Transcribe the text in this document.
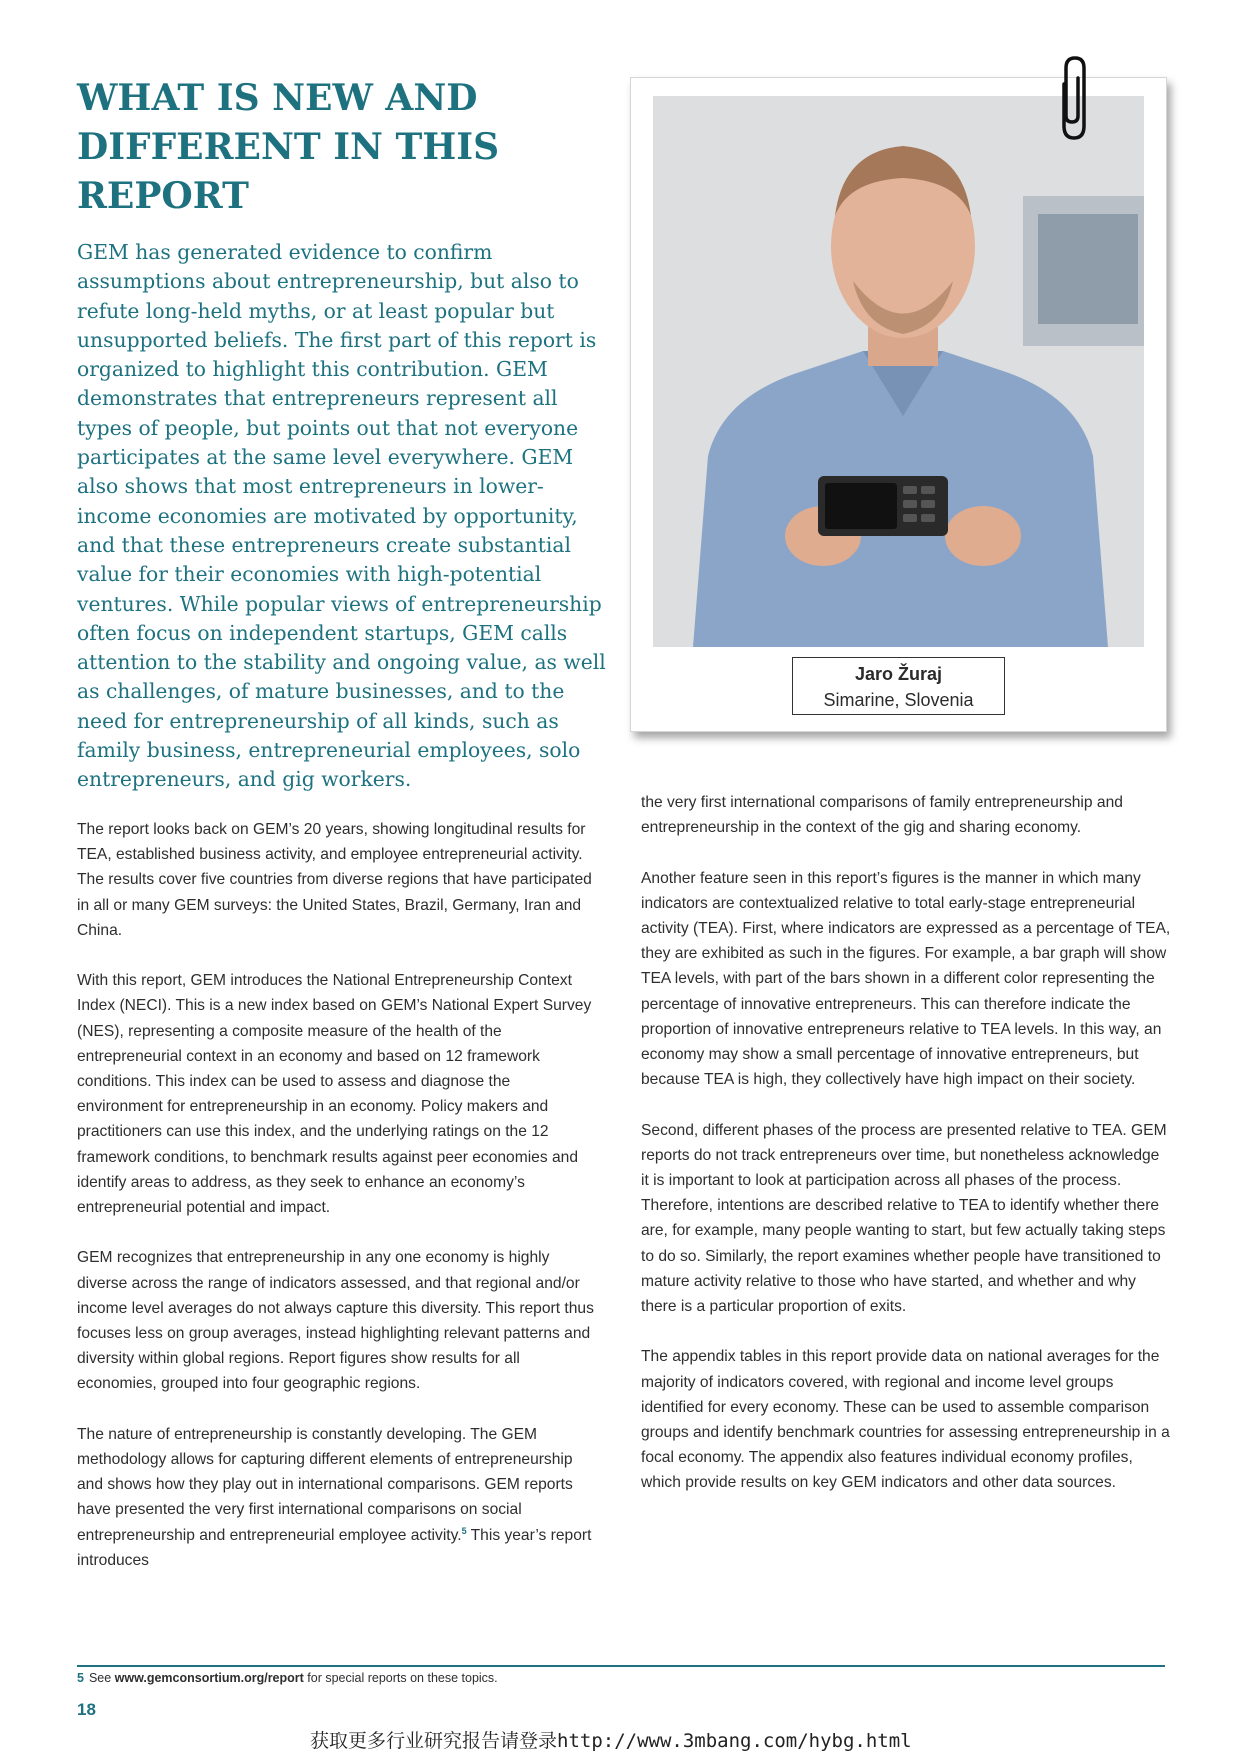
WHAT IS NEW AND
DIFFERENT IN THIS
REPORT

GEM has generated evidence to confirm assumptions about entrepreneurship, but also to refute long-held myths, or at least popular but unsupported beliefs. The first part of this report is organized to highlight this contribution. GEM demonstrates that entrepreneurs represent all types of people, but points out that not everyone participates at the same level everywhere. GEM also shows that most entrepreneurs in lower-income economies are motivated by opportunity, and that these entrepreneurs create substantial value for their economies with high-potential ventures. While popular views of entrepreneurship often focus on independent startups, GEM calls attention to the stability and ongoing value, as well as challenges, of mature businesses, and to the need for entrepreneurship of all kinds, such as family business, entrepreneurial employees, solo entrepreneurs, and gig workers.

The report looks back on GEM’s 20 years, showing longitudinal results for TEA, established business activity, and employee entrepreneurial activity. The results cover five countries from diverse regions that have participated in all or many GEM surveys: the United States, Brazil, Germany, Iran and China.

With this report, GEM introduces the National Entrepreneurship Context Index (NECI). This is a new index based on GEM’s National Expert Survey (NES), representing a composite measure of the health of the entrepreneurial context in an economy and based on 12 framework conditions. This index can be used to assess and diagnose the environment for entrepreneurship in an economy. Policy makers and practitioners can use this index, and the underlying ratings on the 12 framework conditions, to benchmark results against peer economies and identify areas to address, as they seek to enhance an economy’s entrepreneurial potential and impact.

GEM recognizes that entrepreneurship in any one economy is highly diverse across the range of indicators assessed, and that regional and/or income level averages do not always capture this diversity. This report thus focuses less on group averages, instead highlighting relevant patterns and diversity within global regions. Report figures show results for all economies, grouped into four geographic regions.

The nature of entrepreneurship is constantly developing. The GEM methodology allows for capturing different elements of entrepreneurship and shows how they play out in international comparisons. GEM reports have presented the very first international comparisons on social entrepreneurship and entrepreneurial employee activity.$^5$ This year’s report introduces

the very first international comparisons of family entrepreneurship and entrepreneurship in the context of the gig and sharing economy.

Another feature seen in this report’s figures is the manner in which many indicators are contextualized relative to total early-stage entrepreneurial activity (TEA). First, where indicators are expressed as a percentage of TEA, they are exhibited as such in the figures. For example, a bar graph will show TEA levels, with part of the bars shown in a different color representing the percentage of innovative entrepreneurs. This can therefore indicate the proportion of innovative entrepreneurs relative to TEA levels. In this way, an economy may show a small percentage of innovative entrepreneurs, but because TEA is high, they collectively have high impact on their society.

Second, different phases of the process are presented relative to TEA. GEM reports do not track entrepreneurs over time, but nonetheless acknowledge it is important to look at participation across all phases of the process. Therefore, intentions are described relative to TEA to identify whether there are, for example, many people wanting to start, but few actually taking steps to do so. Similarly, the report examines whether people have transitioned to mature activity relative to those who have started, and whether and why there is a particular proportion of exits.

The appendix tables in this report provide data on national averages for the majority of indicators covered, with regional and income level groups identified for every economy. These can be used to assemble comparison groups and identify benchmark countries for assessing entrepreneurship in a focal economy. The appendix also features individual economy profiles, which provide results on key GEM indicators and other data sources.

Jaro Žuraj
Simarine, Slovenia
5 See www.gemconsortium.org/report for special reports on these topics.
18
获取更多行业研究报告请登录http://www.3mbang.com/hybg.html
